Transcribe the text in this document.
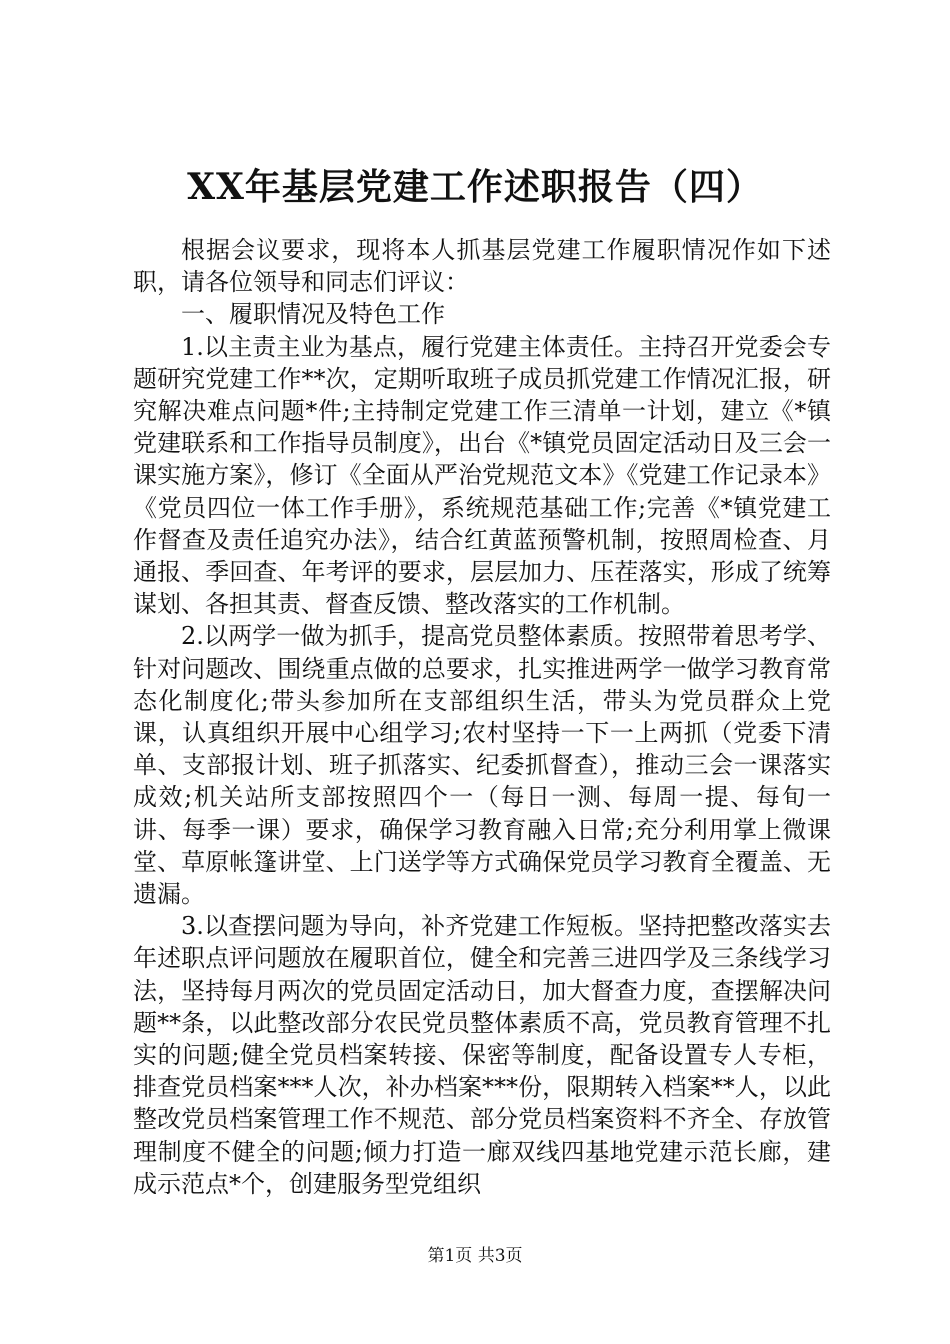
XX年基层党建工作述职报告（四）

根据会议要求，现将本人抓基层党建工作履职情况作如下述职，请各位领导和同志们评议：

一、履职情况及特色工作

1.以主责主业为基点，履行党建主体责任。主持召开党委会专题研究党建工作**次，定期听取班子成员抓党建工作情况汇报，研究解决难点问题*件;主持制定党建工作三清单一计划，建立《*镇党建联系和工作指导员制度》，出台《*镇党员固定活动日及三会一课实施方案》，修订《全面从严治党规范文本》《党建工作记录本》《党员四位一体工作手册》，系统规范基础工作;完善《*镇党建工作督查及责任追究办法》，结合红黄蓝预警机制，按照周检查、月通报、季回查、年考评的要求，层层加力、压茬落实，形成了统筹谋划、各担其责、督查反馈、整改落实的工作机制。

2.以两学一做为抓手，提高党员整体素质。按照带着思考学、针对问题改、围绕重点做的总要求，扎实推进两学一做学习教育常态化制度化;带头参加所在支部组织生活，带头为党员群众上党课，认真组织开展中心组学习;农村坚持一下一上两抓（党委下清单、支部报计划、班子抓落实、纪委抓督查），推动三会一课落实成效;机关站所支部按照四个一（每日一测、每周一提、每旬一讲、每季一课）要求，确保学习教育融入日常;充分利用掌上微课堂、草原帐篷讲堂、上门送学等方式确保党员学习教育全覆盖、无遗漏。

3.以查摆问题为导向，补齐党建工作短板。坚持把整改落实去年述职点评问题放在履职首位，健全和完善三进四学及三条线学习法，坚持每月两次的党员固定活动日，加大督查力度，查摆解决问题**条，以此整改部分农民党员整体素质不高，党员教育管理不扎实的问题;健全党员档案转接、保密等制度，配备设置专人专柜，排查党员档案***人次，补办档案***份，限期转入档案**人，以此整改党员档案管理工作不规范、部分党员档案资料不齐全、存放管理制度不健全的问题;倾力打造一廊双线四基地党建示范长廊，建成示范点*个，创建服务型党组织

第1页 共3页
